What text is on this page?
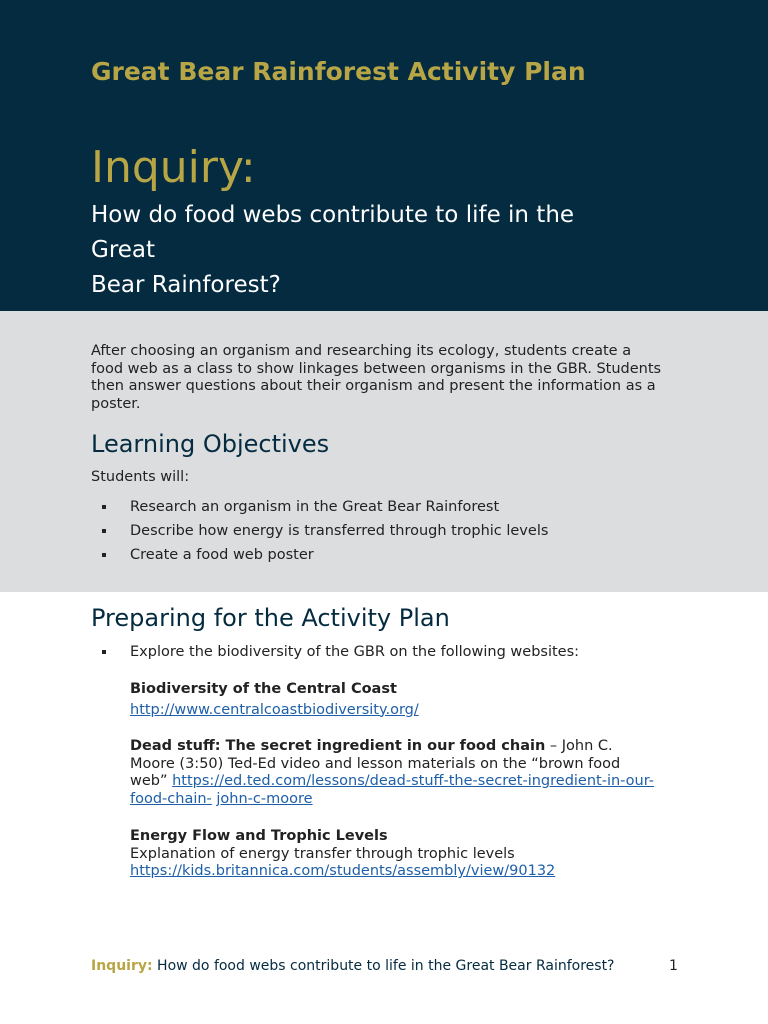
Great Bear Rainforest Activity Plan
Inquiry:
How do food webs contribute to life in the
Great
Bear Rainforest?
After choosing an organism and researching its ecology, students create a
food web as a class to show linkages between organisms in the GBR. Students
then answer questions about their organism and present the information as a
poster.
Learning Objectives
Students will:
Research an organism in the Great Bear Rainforest
Describe how energy is transferred through trophic levels
Create a food web poster
Preparing for the Activity Plan
Explore the biodiversity of the GBR on the following websites:
Biodiversity of the Central Coast
http://www.centralcoastbiodiversity.org/
Dead stuff: The secret ingredient in our food chain – John C.
Moore (3:50) Ted-Ed video and lesson materials on the “brown food
web” https://ed.ted.com/lessons/dead-stuff-the-secret-ingredient-in-our-
food-chain- john-c-moore
Energy Flow and Trophic Levels
Explanation of energy transfer through trophic levels
https://kids.britannica.com/students/assembly/view/90132
Inquiry: How do food webs contribute to life in the Great Bear Rainforest?	1
